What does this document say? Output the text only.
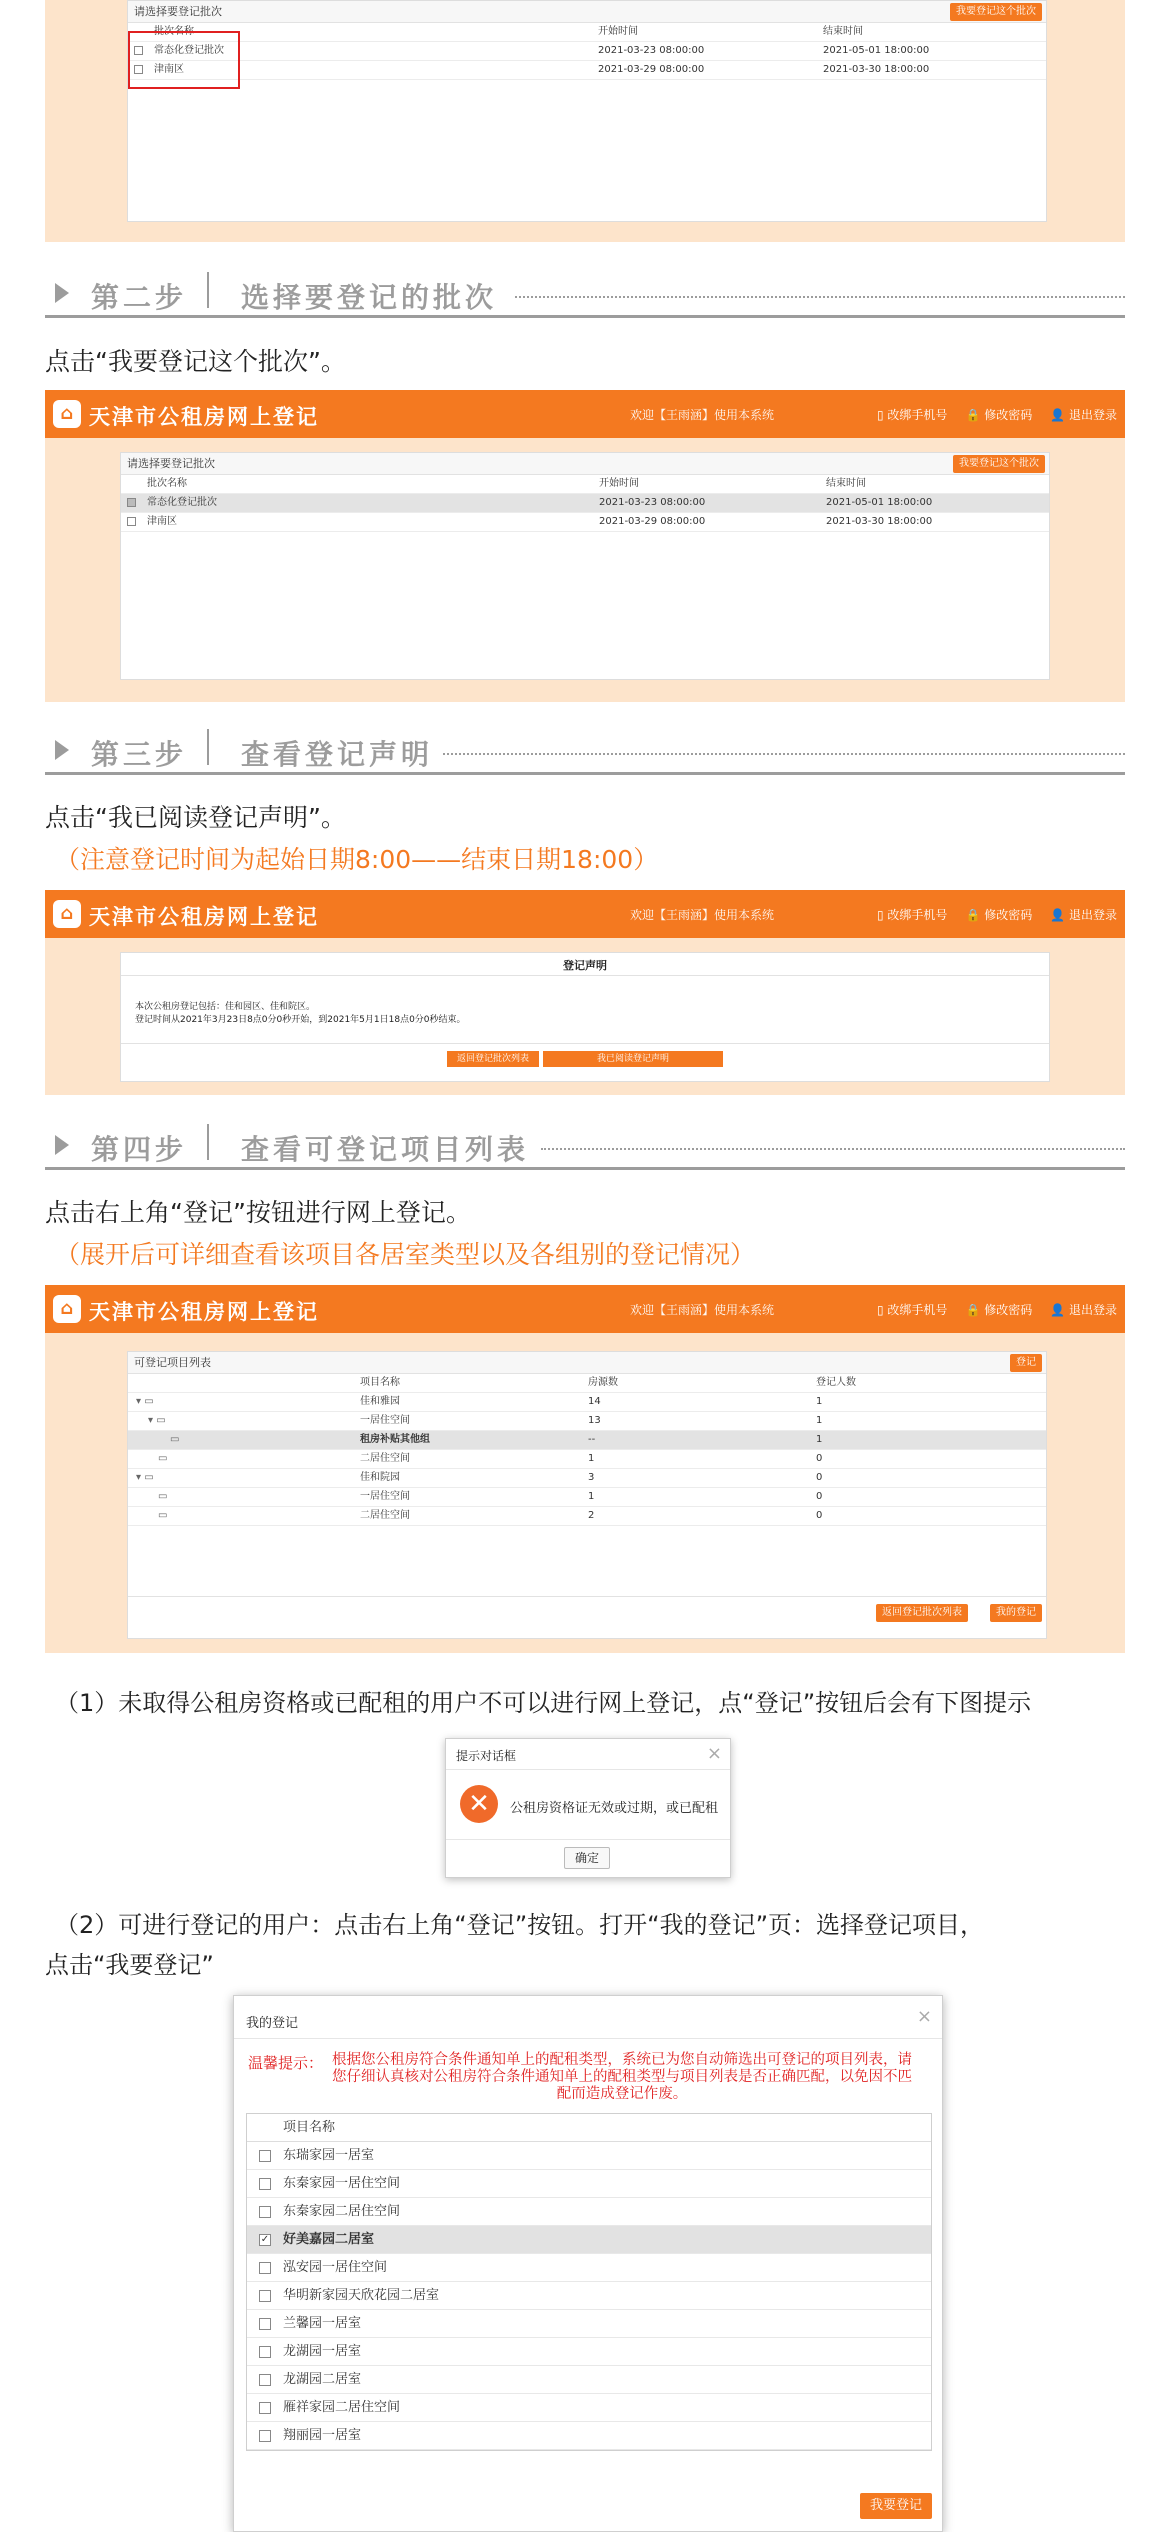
请选择要登记批次	我要登记这个批次
批次名称	开始时间	结束时间
常态化登记批次	2021-03-23 08:00:00	2021-05-01 18:00:00
津南区	2021-03-29 08:00:00	2021-03-30 18:00:00
第二步 选择要登记的批次
点击“我要登记这个批次”。
⌂ 天津市公租房网上登记	欢迎【王雨涵】使用本系统	▯ 改绑手机号 🔒 修改密码 👤 退出登录
请选择要登记批次	我要登记这个批次
批次名称	开始时间	结束时间
常态化登记批次	2021-03-23 08:00:00	2021-05-01 18:00:00
津南区	2021-03-29 08:00:00	2021-03-30 18:00:00
第三步 查看登记声明
点击“我已阅读登记声明”。
（注意登记时间为起始日期8:00——结束日期18:00）
⌂ 天津市公租房网上登记	欢迎【王雨涵】使用本系统	▯ 改绑手机号 🔒 修改密码 👤 退出登录
登记声明
本次公租房登记包括：佳和园区、佳和院区。
登记时间从2021年3月23日8点0分0秒开始，到2021年5月1日18点0分0秒结束。
返回登记批次列表	我已阅读登记声明
第四步 查看可登记项目列表
点击右上角“登记”按钮进行网上登记。
（展开后可详细查看该项目各居室类型以及各组别的登记情况）
⌂ 天津市公租房网上登记	欢迎【王雨涵】使用本系统	▯ 改绑手机号 🔒 修改密码 👤 退出登录
可登记项目列表	登记
项目名称	房源数	登记人数
▾ ▭	佳和雅园	14	1
▾ ▭	一居住空间	13	1
▭	租房补贴其他组	--	1
▭	二居住空间	1	0
▾ ▭	佳和院园	3	0
▭	一居住空间	1	0
▭	二居住空间	2	0
返回登记批次列表	我的登记
（1）未取得公租房资格或已配租的用户不可以进行网上登记，点“登记”按钮后会有下图提示
提示对话框	×
✕	公租房资格证无效或过期，或已配租
确定
（2）可进行登记的用户：点击右上角“登记”按钮。打开“我的登记”页：选择登记项目，
点击“我要登记”
我的登记	×
温馨提示： 根据您公租房符合条件通知单上的配租类型，系统已为您自动筛选出可登记的项目列表，请您仔细认真核对公租房符合条件通知单上的配租类型与项目列表是否正确匹配，以免因不匹配而造成登记作废。
项目名称
东瑞家园一居室
东秦家园一居住空间
东秦家园二居住空间
✓ 好美嘉园二居室
泓安园一居住空间
华明新家园天欣花园二居室
兰馨园一居室
龙湖园一居室
龙湖园二居室
雁祥家园二居住空间
翔丽园一居室
我要登记
